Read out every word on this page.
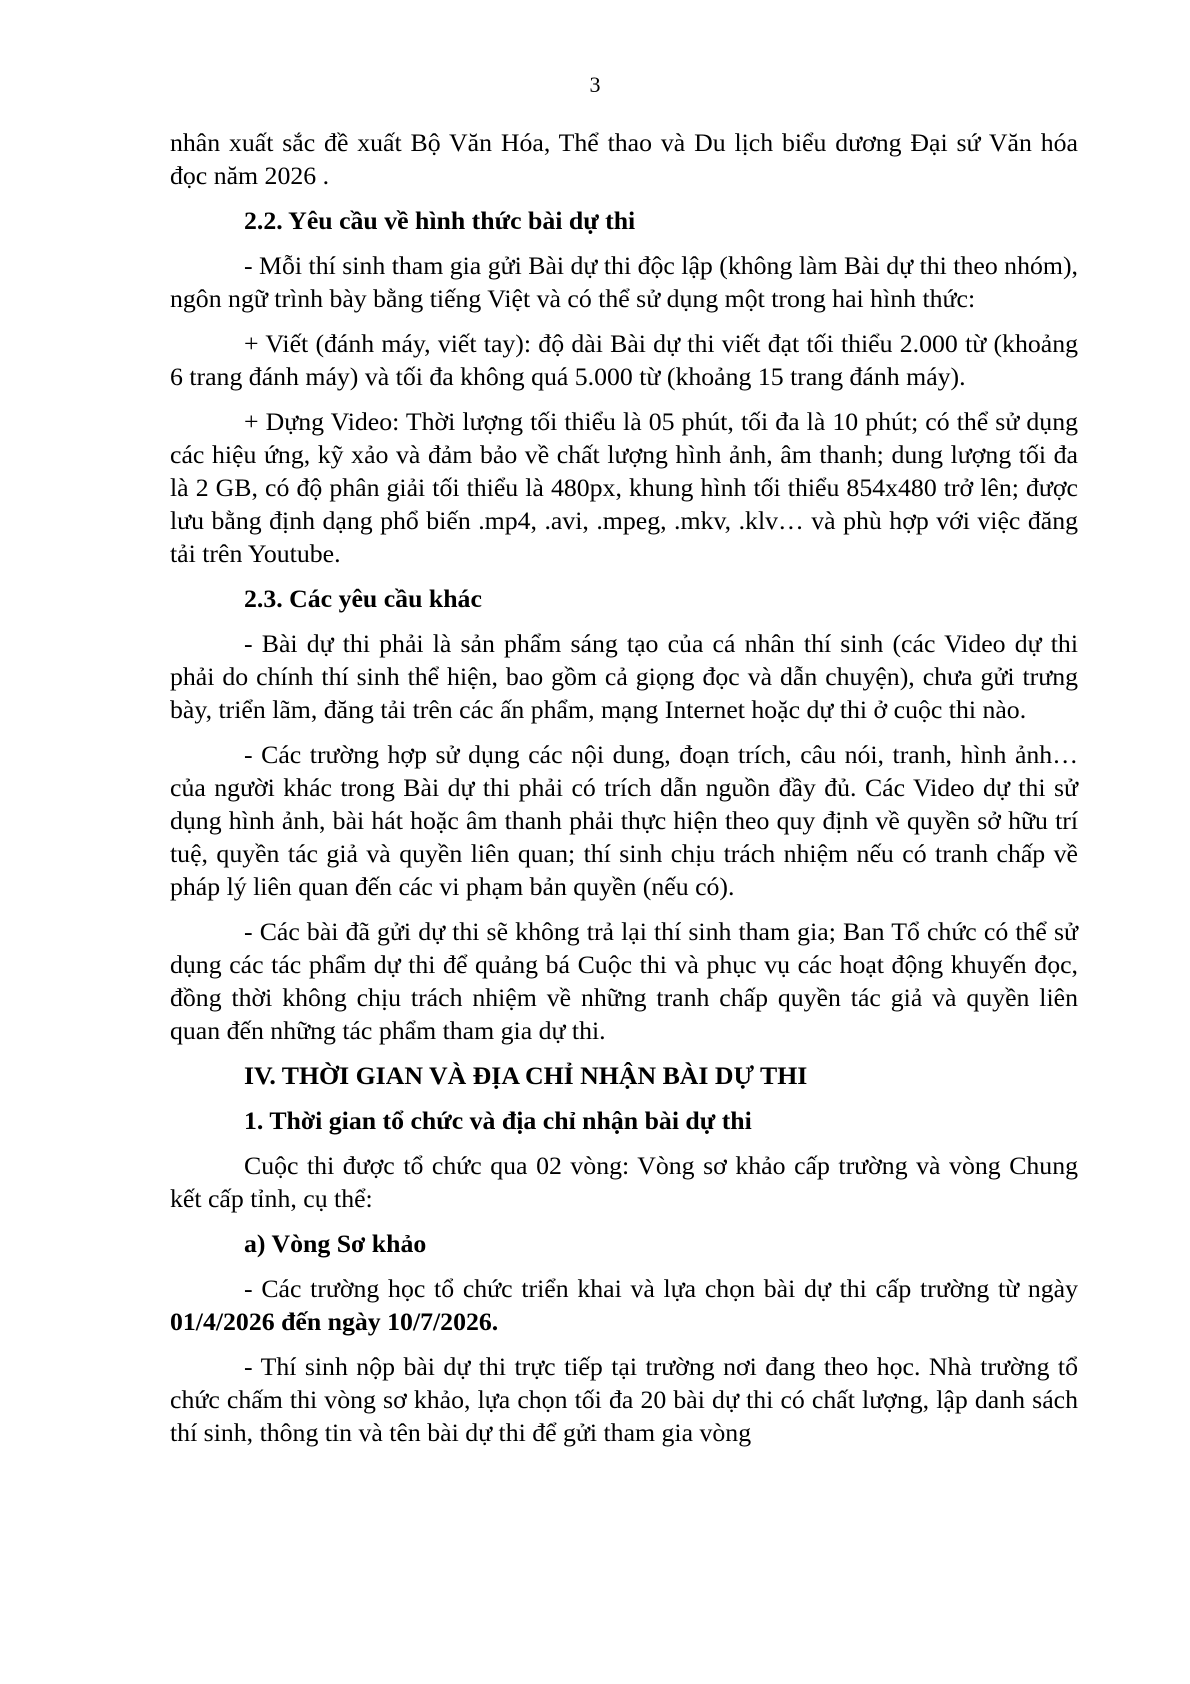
3

nhân xuất sắc đề xuất Bộ Văn Hóa, Thể thao và Du lịch biểu dương Đại sứ Văn hóa đọc năm 2026 .

2.2. Yêu cầu về hình thức bài dự thi

- Mỗi thí sinh tham gia gửi Bài dự thi độc lập (không làm Bài dự thi theo nhóm), ngôn ngữ trình bày bằng tiếng Việt và có thể sử dụng một trong hai hình thức:

+ Viết (đánh máy, viết tay): độ dài Bài dự thi viết đạt tối thiểu 2.000 từ (khoảng 6 trang đánh máy) và tối đa không quá 5.000 từ (khoảng 15 trang đánh máy).

+ Dựng Video: Thời lượng tối thiểu là 05 phút, tối đa là 10 phút; có thể sử dụng các hiệu ứng, kỹ xảo và đảm bảo về chất lượng hình ảnh, âm thanh; dung lượng tối đa là 2 GB, có độ phân giải tối thiểu là 480px, khung hình tối thiểu 854x480 trở lên; được lưu bằng định dạng phổ biến .mp4, .avi, .mpeg, .mkv, .klv… và phù hợp với việc đăng tải trên Youtube.

2.3. Các yêu cầu khác

- Bài dự thi phải là sản phẩm sáng tạo của cá nhân thí sinh (các Video dự thi phải do chính thí sinh thể hiện, bao gồm cả giọng đọc và dẫn chuyện), chưa gửi trưng bày, triển lãm, đăng tải trên các ấn phẩm, mạng Internet hoặc dự thi ở cuộc thi nào.

- Các trường hợp sử dụng các nội dung, đoạn trích, câu nói, tranh, hình ảnh…của người khác trong Bài dự thi phải có trích dẫn nguồn đầy đủ. Các Video dự thi sử dụng hình ảnh, bài hát hoặc âm thanh phải thực hiện theo quy định về quyền sở hữu trí tuệ, quyền tác giả và quyền liên quan; thí sinh chịu trách nhiệm nếu có tranh chấp về pháp lý liên quan đến các vi phạm bản quyền (nếu có).

- Các bài đã gửi dự thi sẽ không trả lại thí sinh tham gia; Ban Tổ chức có thể sử dụng các tác phẩm dự thi để quảng bá Cuộc thi và phục vụ các hoạt động khuyến đọc, đồng thời không chịu trách nhiệm về những tranh chấp quyền tác giả và quyền liên quan đến những tác phẩm tham gia dự thi.

IV. THỜI GIAN VÀ ĐỊA CHỈ NHẬN BÀI DỰ THI
1. Thời gian tổ chức và địa chỉ nhận bài dự thi

Cuộc thi được tổ chức qua 02 vòng: Vòng sơ khảo cấp trường và vòng Chung kết cấp tỉnh, cụ thể:

a) Vòng Sơ khảo

- Các trường học tổ chức triển khai và lựa chọn bài dự thi cấp trường từ ngày 01/4/2026 đến ngày 10/7/2026.

- Thí sinh nộp bài dự thi trực tiếp tại trường nơi đang theo học. Nhà trường tổ chức chấm thi vòng sơ khảo, lựa chọn tối đa 20 bài dự thi có chất lượng, lập danh sách thí sinh, thông tin và tên bài dự thi để gửi tham gia vòng
